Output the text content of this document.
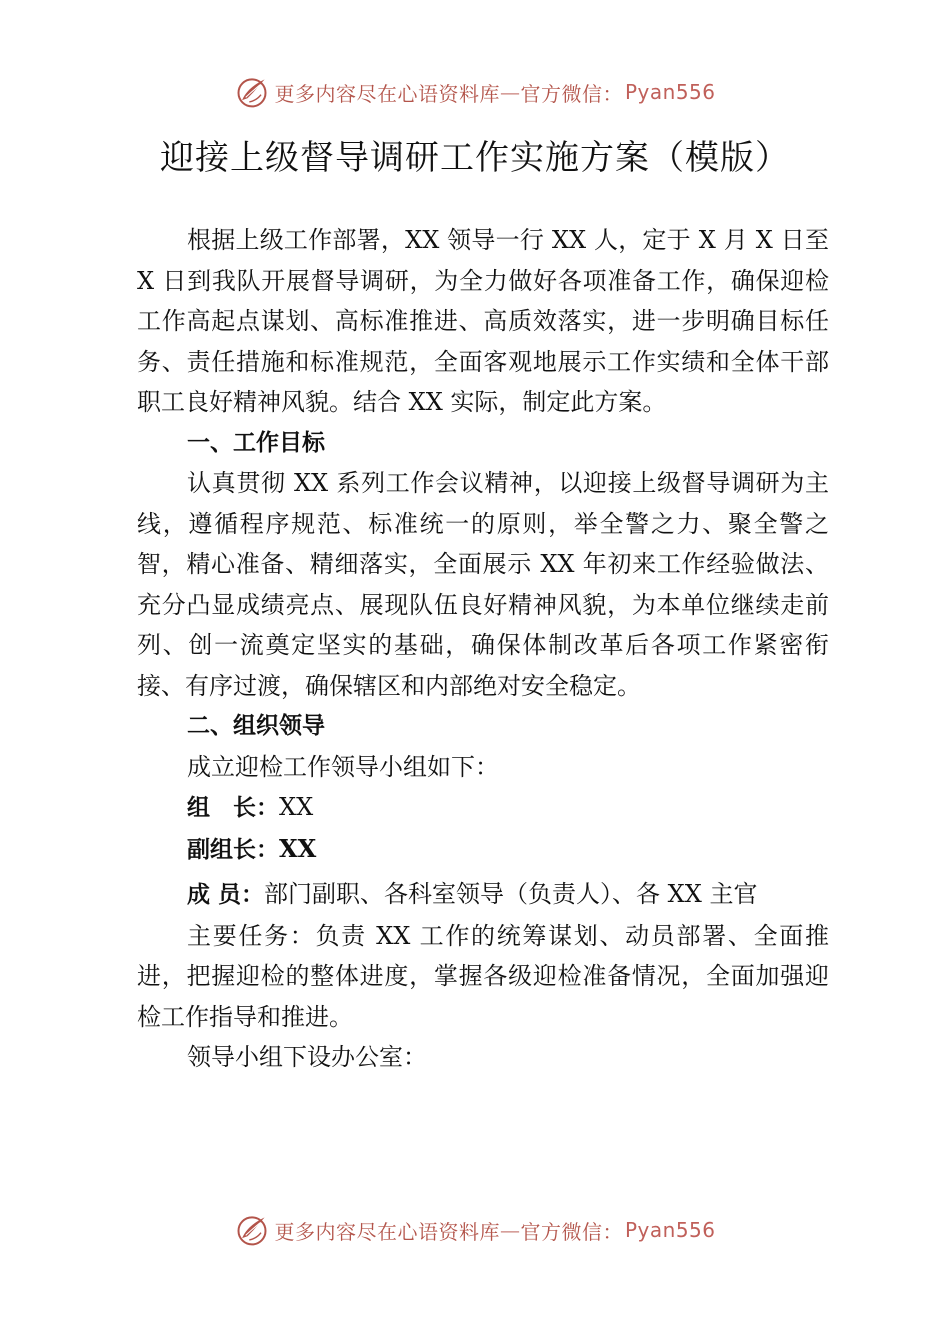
更多内容尽在心语资料库 — 官方微信： Pyan556
迎接上级督导调研工作实施方案（模版）

根据上级工作部署，XX 领导一行 XX 人，定于 X 月 X 日至 X 日到我队开展督导调研，为全力做好各项准备工作，确保迎检工作高起点谋划、高标准推进、高质效落实，进一步明确目标任务、责任措施和标准规范，全面客观地展示工作实绩和全体干部职工良好精神风貌。结合 XX 实际，制定此方案。

一、工作目标

认真贯彻 XX 系列工作会议精神，以迎接上级督导调研为主线，遵循程序规范、标准统一的原则，举全警之力、聚全警之智，精心准备、精细落实，全面展示 XX 年初来工作经验做法、充分凸显成绩亮点、展现队伍良好精神风貌，为本单位继续走前列、创一流奠定坚实的基础，确保体制改革后各项工作紧密衔接、有序过渡，确保辖区和内部绝对安全稳定。

二、组织领导

成立迎检工作领导小组如下：

组　长：XX

副组长：XX

成 员：部门副职、各科室领导（负责人）、各 XX 主官

主要任务：负责 XX 工作的统筹谋划、动员部署、全面推进，把握迎检的整体进度，掌握各级迎检准备情况，全面加强迎检工作指导和推进。

领导小组下设办公室：

更多内容尽在心语资料库 — 官方微信： Pyan556
